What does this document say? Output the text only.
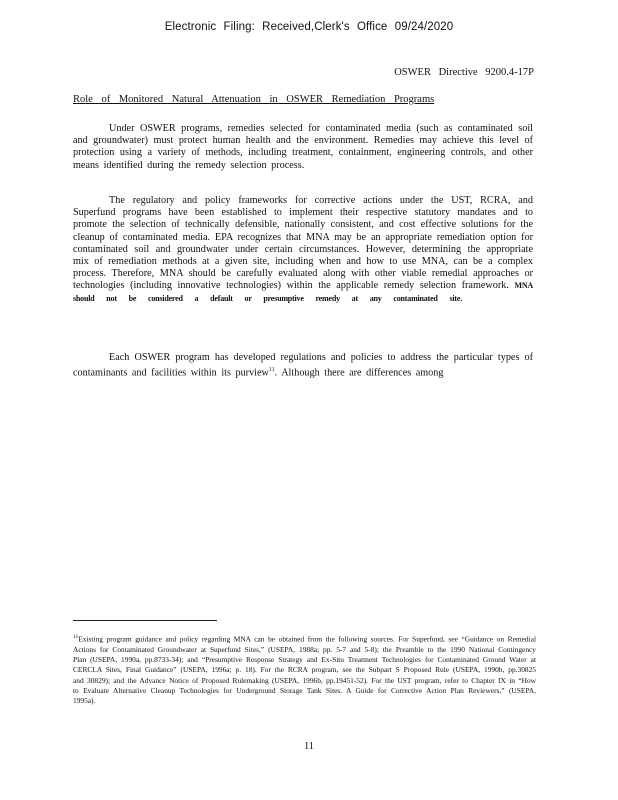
Electronic Filing: Received,Clerk's Office 09/24/2020
OSWER Directive 9200.4-17P
Role of Monitored Natural Attenuation in OSWER Remediation Programs

Under OSWER programs, remedies selected for contaminated media (such as contaminated soil and groundwater) must protect human health and the environment. Remedies may achieve this level of protection using a variety of methods, including treatment, containment, engineering controls, and other means identified during the remedy selection process.

The regulatory and policy frameworks for corrective actions under the UST, RCRA, and Superfund programs have been established to implement their respective statutory mandates and to promote the selection of technically defensible, nationally consistent, and cost effective solutions for the cleanup of contaminated media. EPA recognizes that MNA may be an appropriate remediation option for contaminated soil and groundwater under certain circumstances. However, determining the appropriate mix of remediation methods at a given site, including when and how to use MNA, can be a complex process. Therefore, MNA should be carefully evaluated along with other viable remedial approaches or technologies (including innovative technologies) within the applicable remedy selection framework. MNA should not be considered a default or presumptive remedy at any contaminated site.

Each OSWER program has developed regulations and policies to address the particular types of contaminants and facilities within its purview$^{11}$. Although there are differences among

$^{11}$Existing program guidance and policy regarding MNA can be obtained from the following sources. For Superfund, see “Guidance on Remedial Actions for Contaminated Groundwater at Superfund Sites,” (USEPA, 1988a; pp. 5-7 and 5-8); the Preamble to the 1990 National Contingency Plan (USEPA, 1990a, pp.8733-34); and “Presumptive Response Strategy and Ex-Situ Treatment Technologies for Contaminated Ground Water at CERCLA Sites, Final Guidance” (USEPA, 1996a; p. 18). For the RCRA program, see the Subpart S Proposed Rule (USEPA, 1990b, pp.30825 and 30829); and the Advance Notice of Proposed Rulemaking (USEPA, 1996b, pp.19451-52). For the UST program, refer to Chapter IX in “How to Evaluate Alternative Cleanup Technologies for Underground Storage Tank Sites. A Guide for Corrective Action Plan Reviewers,” (USEPA, 1995a).
11
